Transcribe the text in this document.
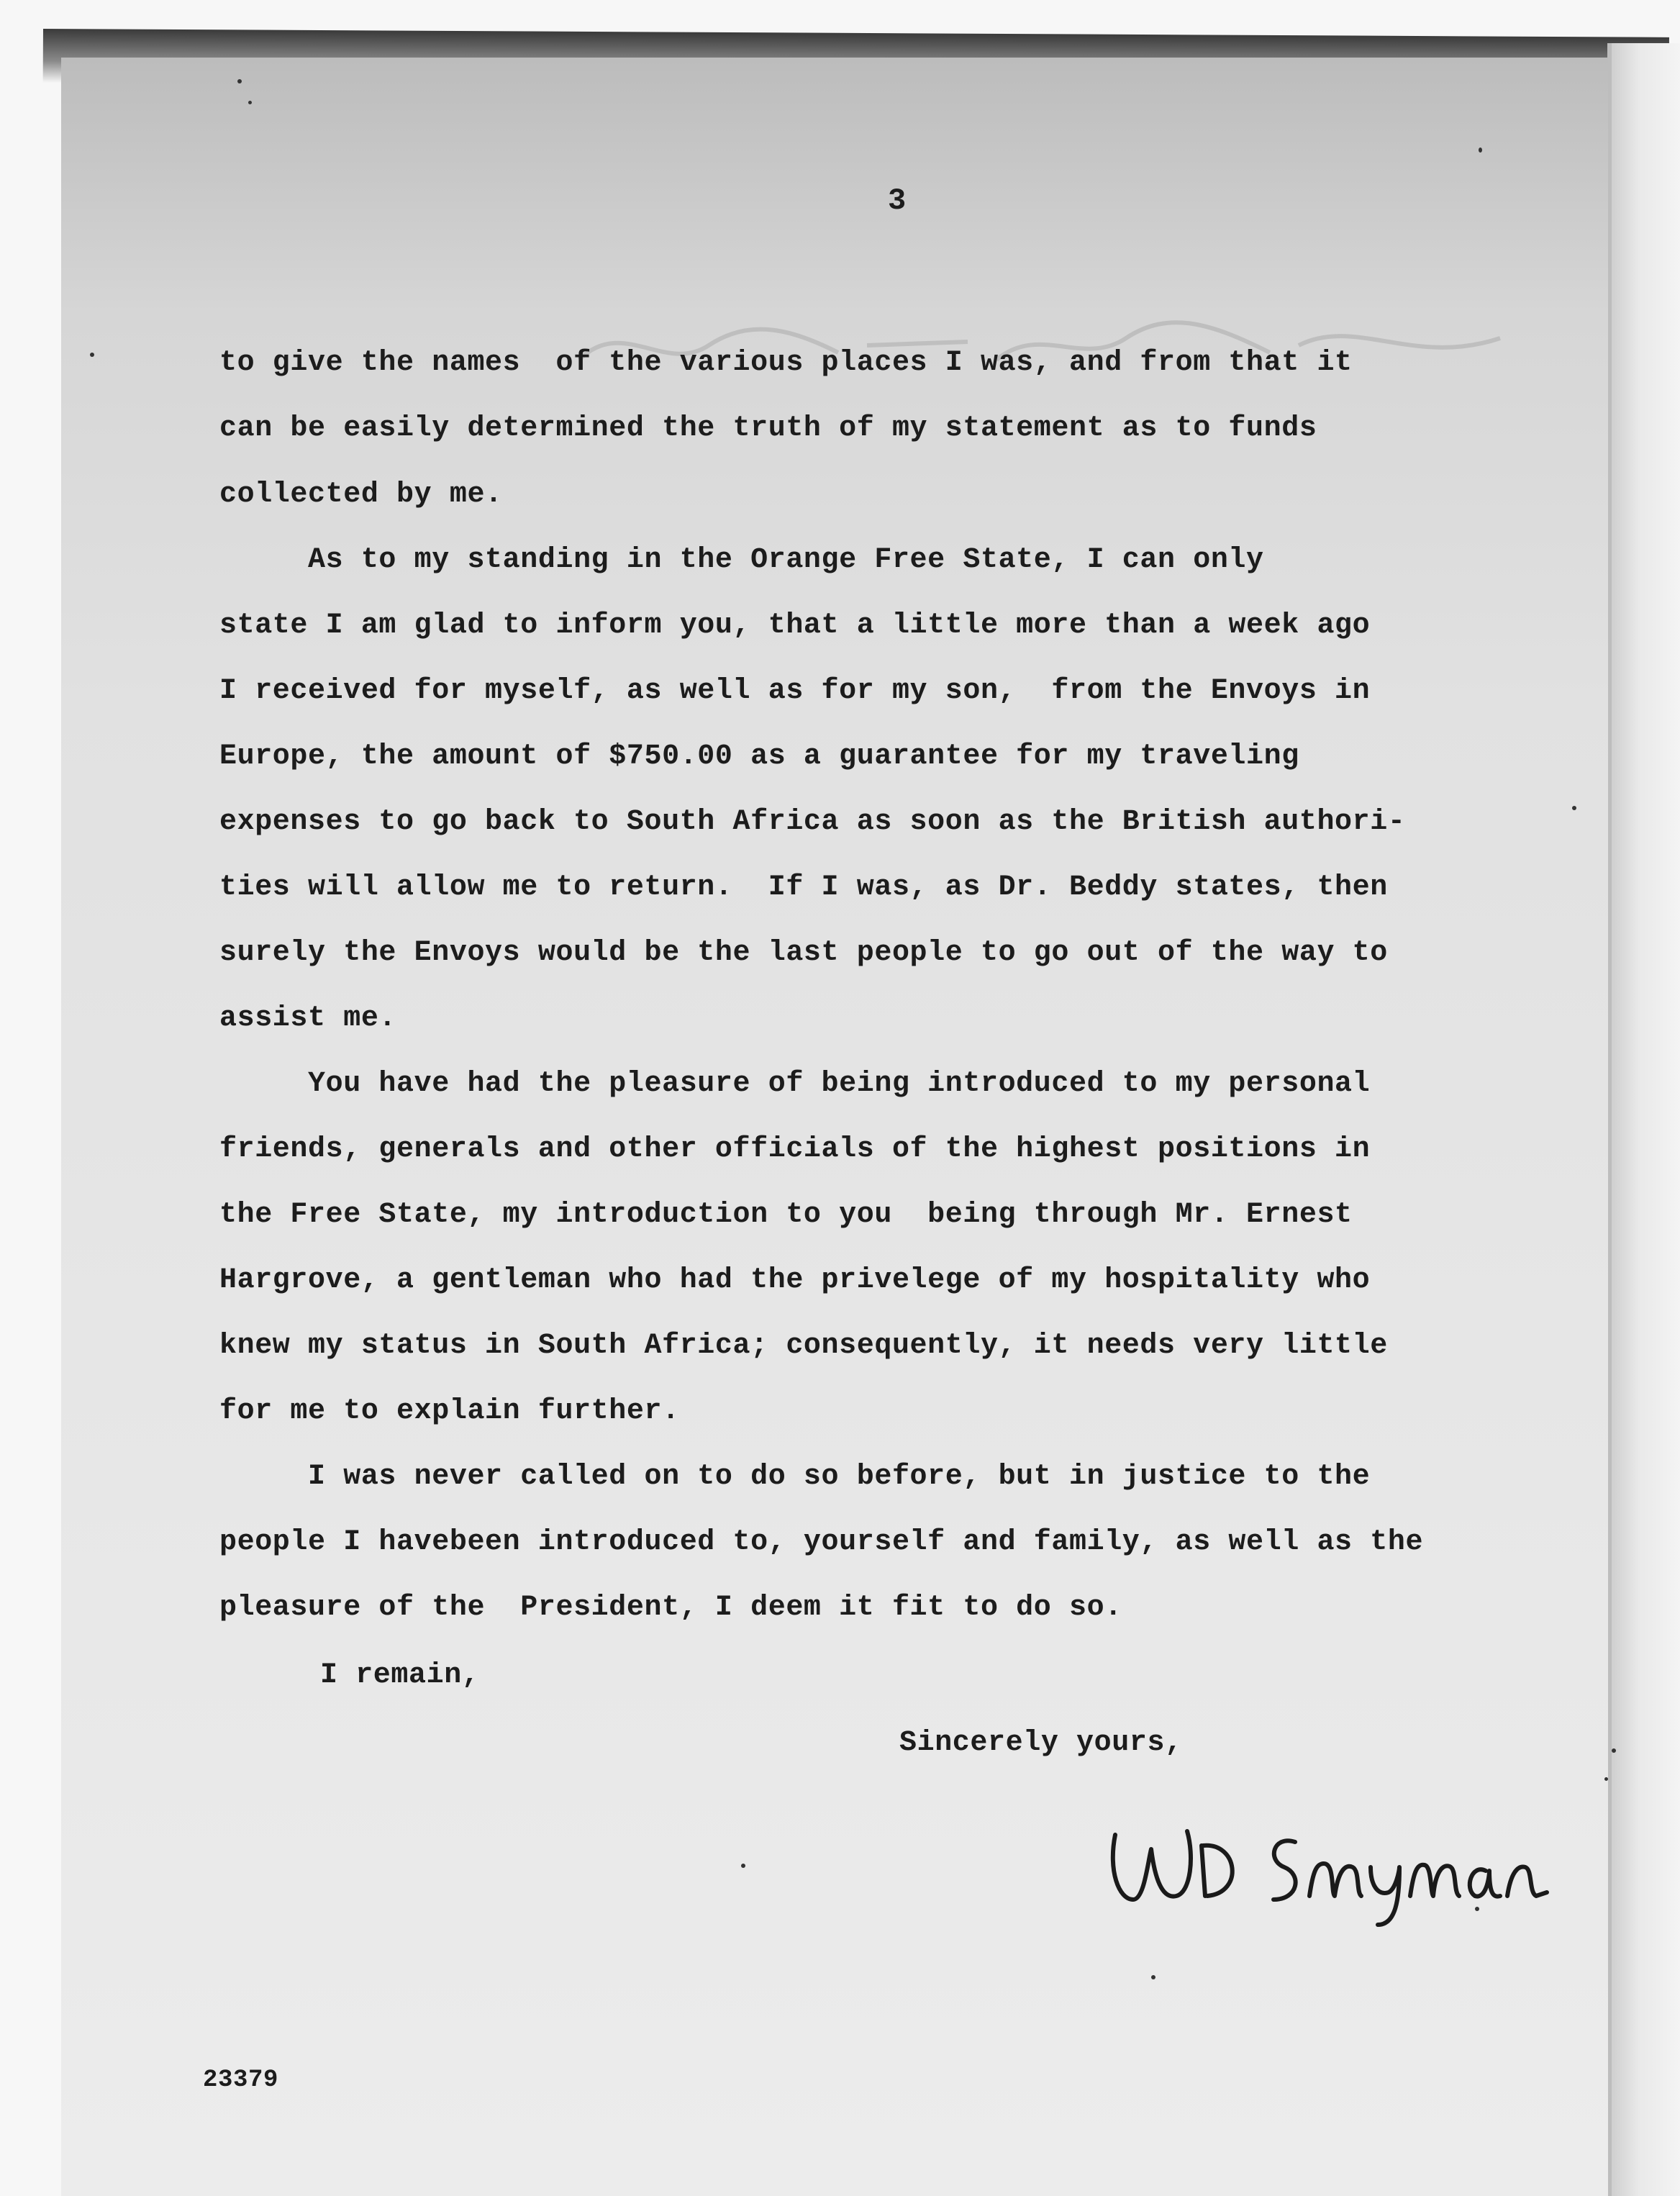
3

to give the names  of the various places I was, and from that it

can be easily determined the truth of my statement as to funds

collected by me.

As to my standing in the Orange Free State, I can only

state I am glad to inform you, that a little more than a week ago

I received for myself, as well as for my son,  from the Envoys in

Europe, the amount of $750.00 as a guarantee for my traveling

expenses to go back to South Africa as soon as the British authori-

ties will allow me to return.  If I was, as Dr. Beddy states, then

surely the Envoys would be the last people to go out of the way to

assist me.

You have had the pleasure of being introduced to my personal

friends, generals and other officials of the highest positions in

the Free State, my introduction to you  being through Mr. Ernest

Hargrove, a gentleman who had the privelege of my hospitality who

knew my status in South Africa; consequently, it needs very little

for me to explain further.

I was never called on to do so before, but in justice to the

people I havebeen introduced to, yourself and family, as well as the

pleasure of the  President, I deem it fit to do so.

I remain,

Sincerely yours,

23379
